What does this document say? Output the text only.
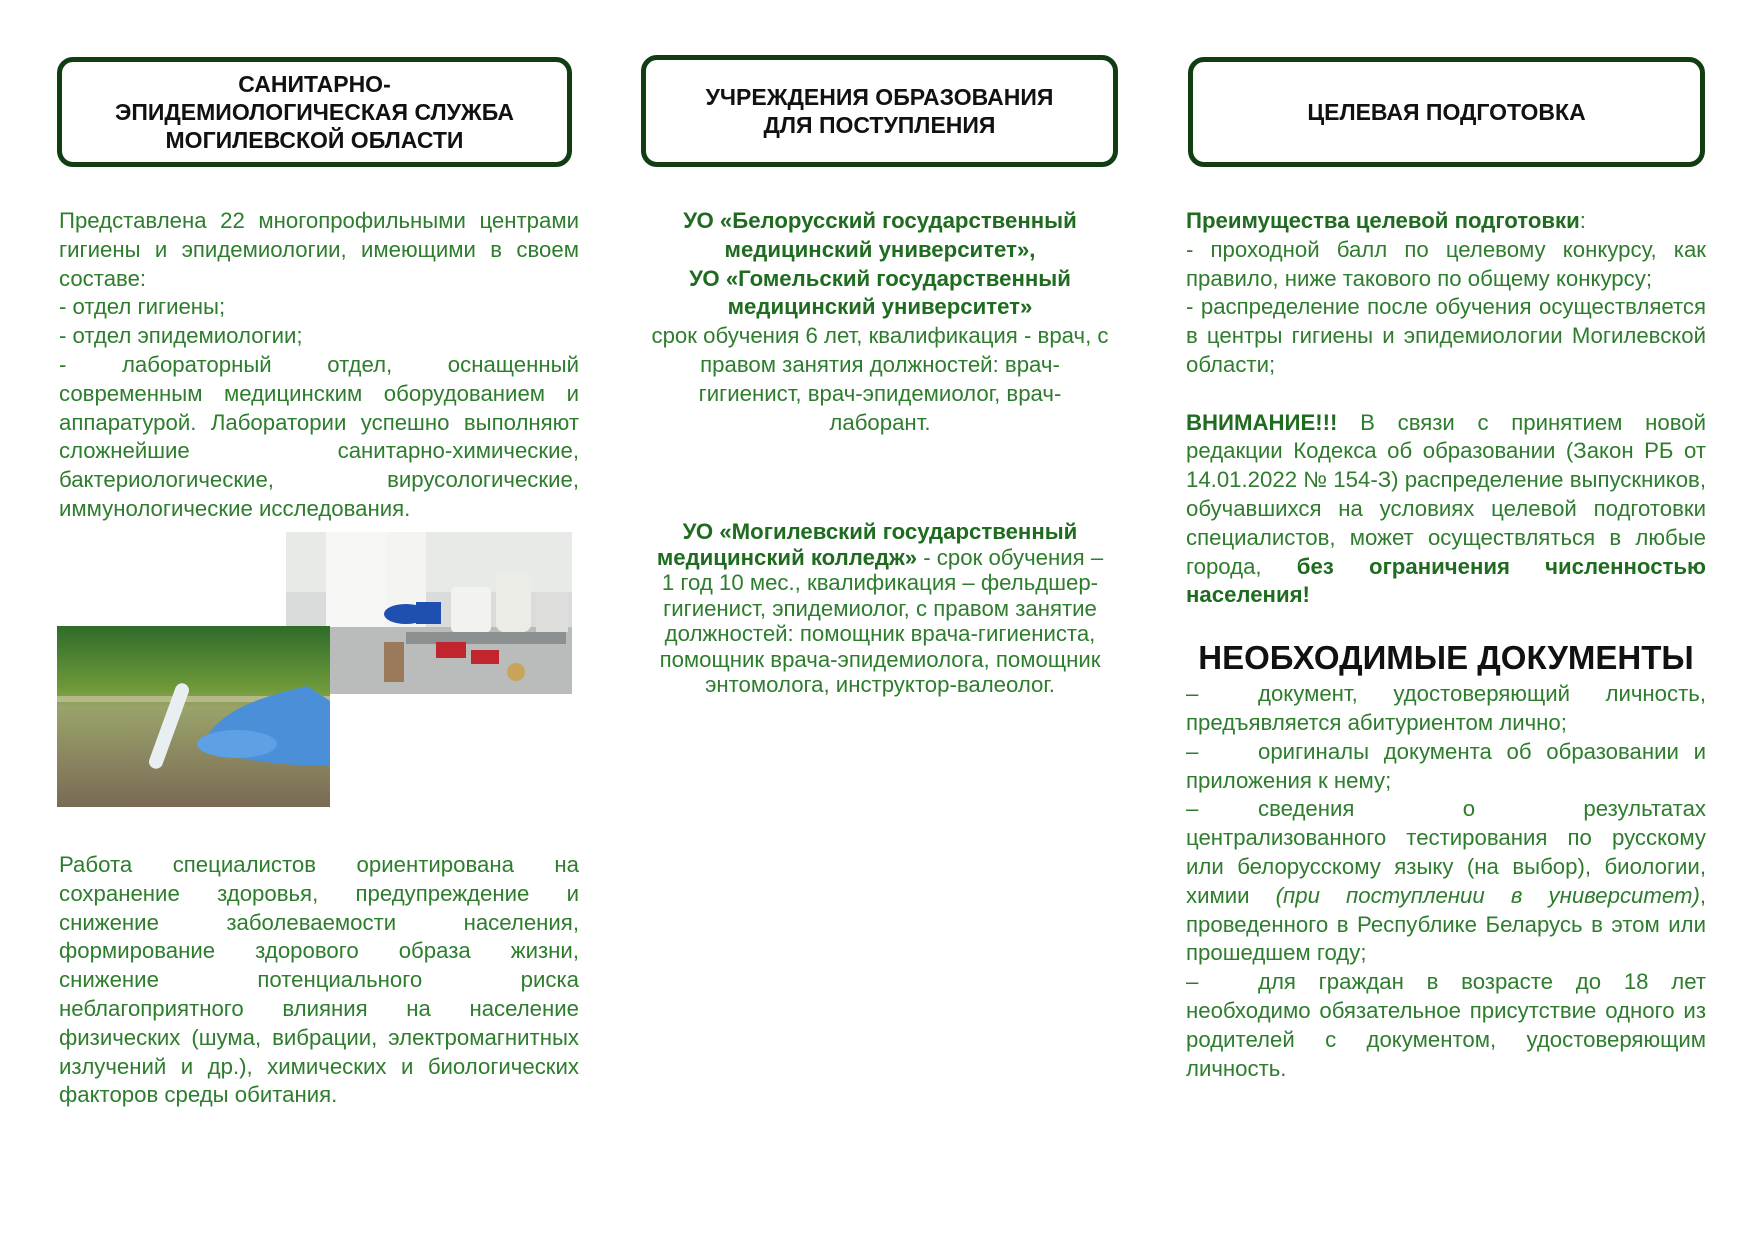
САНИТАРНО-
ЭПИДЕМИОЛОГИЧЕСКАЯ СЛУЖБА
МОГИЛЕВСКОЙ ОБЛАСТИ
УЧРЕЖДЕНИЯ ОБРАЗОВАНИЯ
ДЛЯ ПОСТУПЛЕНИЯ	ЦЕЛЕВАЯ ПОДГОТОВКА

Представлена 22 многопрофильными центрами гигиены и эпидемиологии, имеющими в своем составе:

- отдел гигиены;

- отдел эпидемиологии;

- лабораторный отдел, оснащенный современным медицинским оборудованием и аппаратурой. Лаборатории успешно выполняют сложнейшие санитарно-химические, бактериологические, вирусологические, иммунологические исследования.

Работа специалистов ориентирована на сохранение здоровья, предупреждение и снижение заболеваемости населения, формирование здорового образа жизни, снижение потенциального риска неблагоприятного влияния на население физических (шума, вибрации, электромагнитных излучений и др.), химических и биологических факторов среды обитания.

УО «Белорусский государственный медицинский университет»,

УО «Гомельский государственный медицинский университет»

срок обучения 6 лет, квалификация - врач, с правом занятия должностей: врач-гигиенист, врач-эпидемиолог, врач-лаборант.

УО «Могилевский государственный медицинский колледж» - срок обучения – 1 год 10 мес., квалификация – фельдшер-гигиенист, эпидемиолог, с правом занятие должностей: помощник врача-гигиениста, помощник врача-эпидемиолога, помощник энтомолога, инструктор-валеолог.

Преимущества целевой подготовки:

- проходной балл по целевому конкурсу, как правило, ниже такового по общему конкурсу;

- распределение после обучения осуществляется в центры гигиены и эпидемиологии Могилевской области;

ВНИМАНИЕ!!! В связи с принятием новой редакции Кодекса об образовании (Закон РБ от 14.01.2022 № 154-З) распределение выпускников, обучавшихся на условиях целевой подготовки специалистов, может осуществляться в любые города, без ограничения численностью населения!

НЕОБХОДИМЫЕ ДОКУМЕНТЫ
–	документ, удостоверяющий личность, предъявляется абитуриентом лично;
–	оригиналы документа об образовании и приложения к нему;
–	сведения о результатах централизованного тестирования по русскому или белорусскому языку (на выбор), биологии, химии (при поступлении в университет), проведенного в Республике Беларусь в этом или прошедшем году;
–	для граждан в возрасте до 18 лет необходимо обязательное присутствие одного из родителей с документом, удостоверяющим личность.
